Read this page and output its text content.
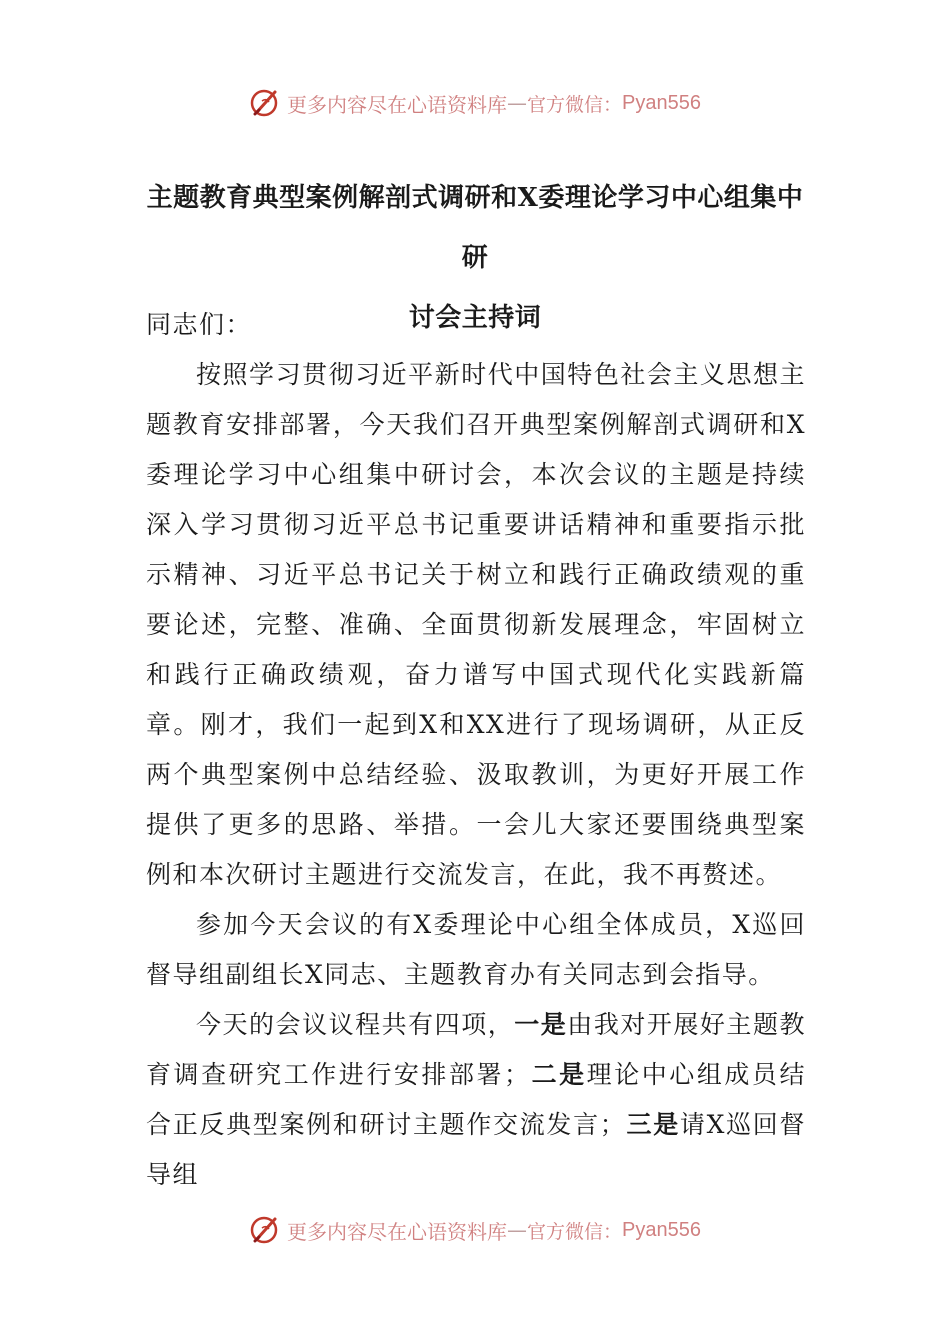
更多内容尽在心语资料库 — 官方微信： Pyan556
主题教育典型案例解剖式调研和X委理论学习中心组集中研
讨会主持词

同志们：

按照学习贯彻习近平新时代中国特色社会主义思想主题教育安排部署，今天我们召开典型案例解剖式调研和X委理论学习中心组集中研讨会，本次会议的主题是持续深入学习贯彻习近平总书记重要讲话精神和重要指示批示精神、习近平总书记关于树立和践行正确政绩观的重要论述，完整、准确、全面贯彻新发展理念，牢固树立和践行正确政绩观，奋力谱写中国式现代化实践新篇章。刚才，我们一起到X和XX进行了现场调研，从正反两个典型案例中总结经验、汲取教训，为更好开展工作提供了更多的思路、举措。一会儿大家还要围绕典型案例和本次研讨主题进行交流发言，在此，我不再赘述。

参加今天会议的有X委理论中心组全体成员，X巡回督导组副组长X同志、主题教育办有关同志到会指导。

今天的会议议程共有四项，一是由我对开展好主题教育调查研究工作进行安排部署；二是理论中心组成员结合正反典型案例和研讨主题作交流发言；三是请X巡回督导组

更多内容尽在心语资料库 — 官方微信： Pyan556
